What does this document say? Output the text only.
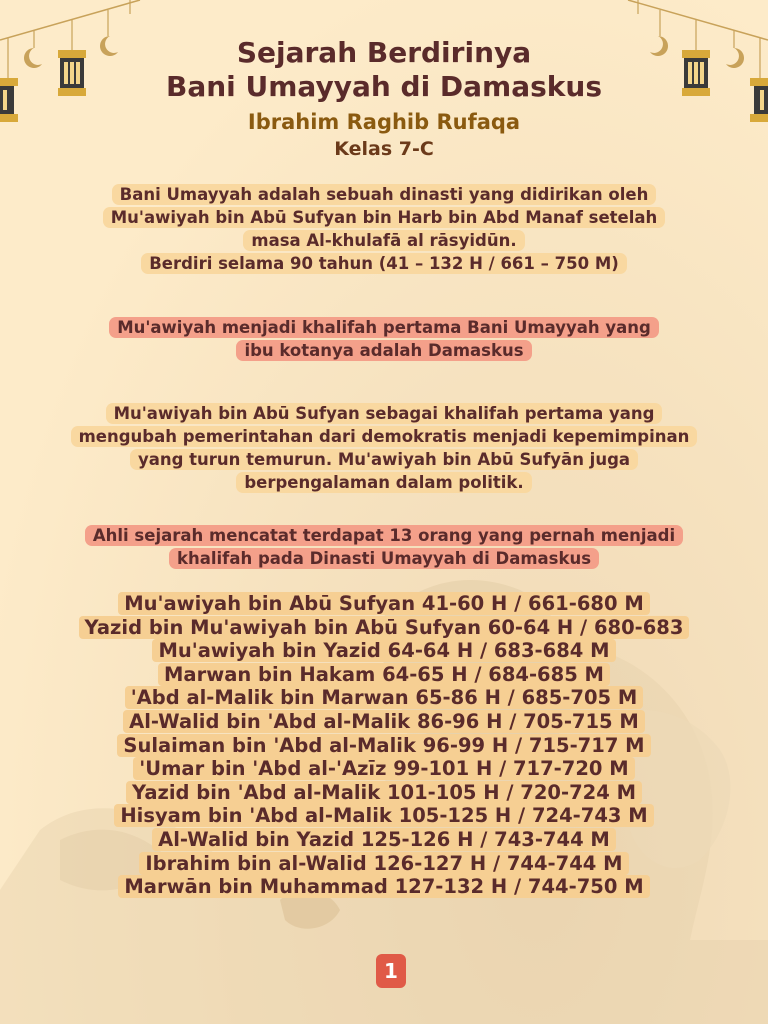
Sejarah Berdirinya
Bani Umayyah di Damaskus
Ibrahim Raghib Rufaqa
Kelas 7-C
Bani Umayyah adalah sebuah dinasti yang didirikan oleh
Mu'awiyah bin Abū Sufyan bin Harb bin Abd Manaf setelah
masa Al-khulafā al rāsyidūn.
Berdiri selama 90 tahun (41 – 132 H / 661 – 750 M)
Mu'awiyah menjadi khalifah pertama Bani Umayyah yang
ibu kotanya adalah Damaskus
Mu'awiyah bin Abū Sufyan sebagai khalifah pertama yang
mengubah pemerintahan dari demokratis menjadi kepemimpinan
yang turun temurun. Mu'awiyah bin Abū Sufyān juga
berpengalaman dalam politik.
Ahli sejarah mencatat terdapat 13 orang yang pernah menjadi
khalifah pada Dinasti Umayyah di Damaskus
Mu'awiyah bin Abū Sufyan 41-60 H / 661-680 M
Yazid bin Mu'awiyah bin Abū Sufyan 60-64 H / 680-683
Mu'awiyah bin Yazid 64-64 H / 683-684 M
Marwan bin Hakam 64-65 H / 684-685 M
'Abd al-Malik bin Marwan 65-86 H / 685-705 M
Al-Walid bin 'Abd al-Malik 86-96 H / 705-715 M
Sulaiman bin 'Abd al-Malik 96-99 H / 715-717 M
'Umar bin 'Abd al-'Azīz 99-101 H / 717-720 M
Yazid bin 'Abd al-Malik 101-105 H / 720-724 M
Hisyam bin 'Abd al-Malik 105-125 H / 724-743 M
Al-Walid bin Yazid 125-126 H / 743-744 M
Ibrahim bin al-Walid 126-127 H / 744-744 M
Marwān bin Muhammad 127-132 H / 744-750 M
1
